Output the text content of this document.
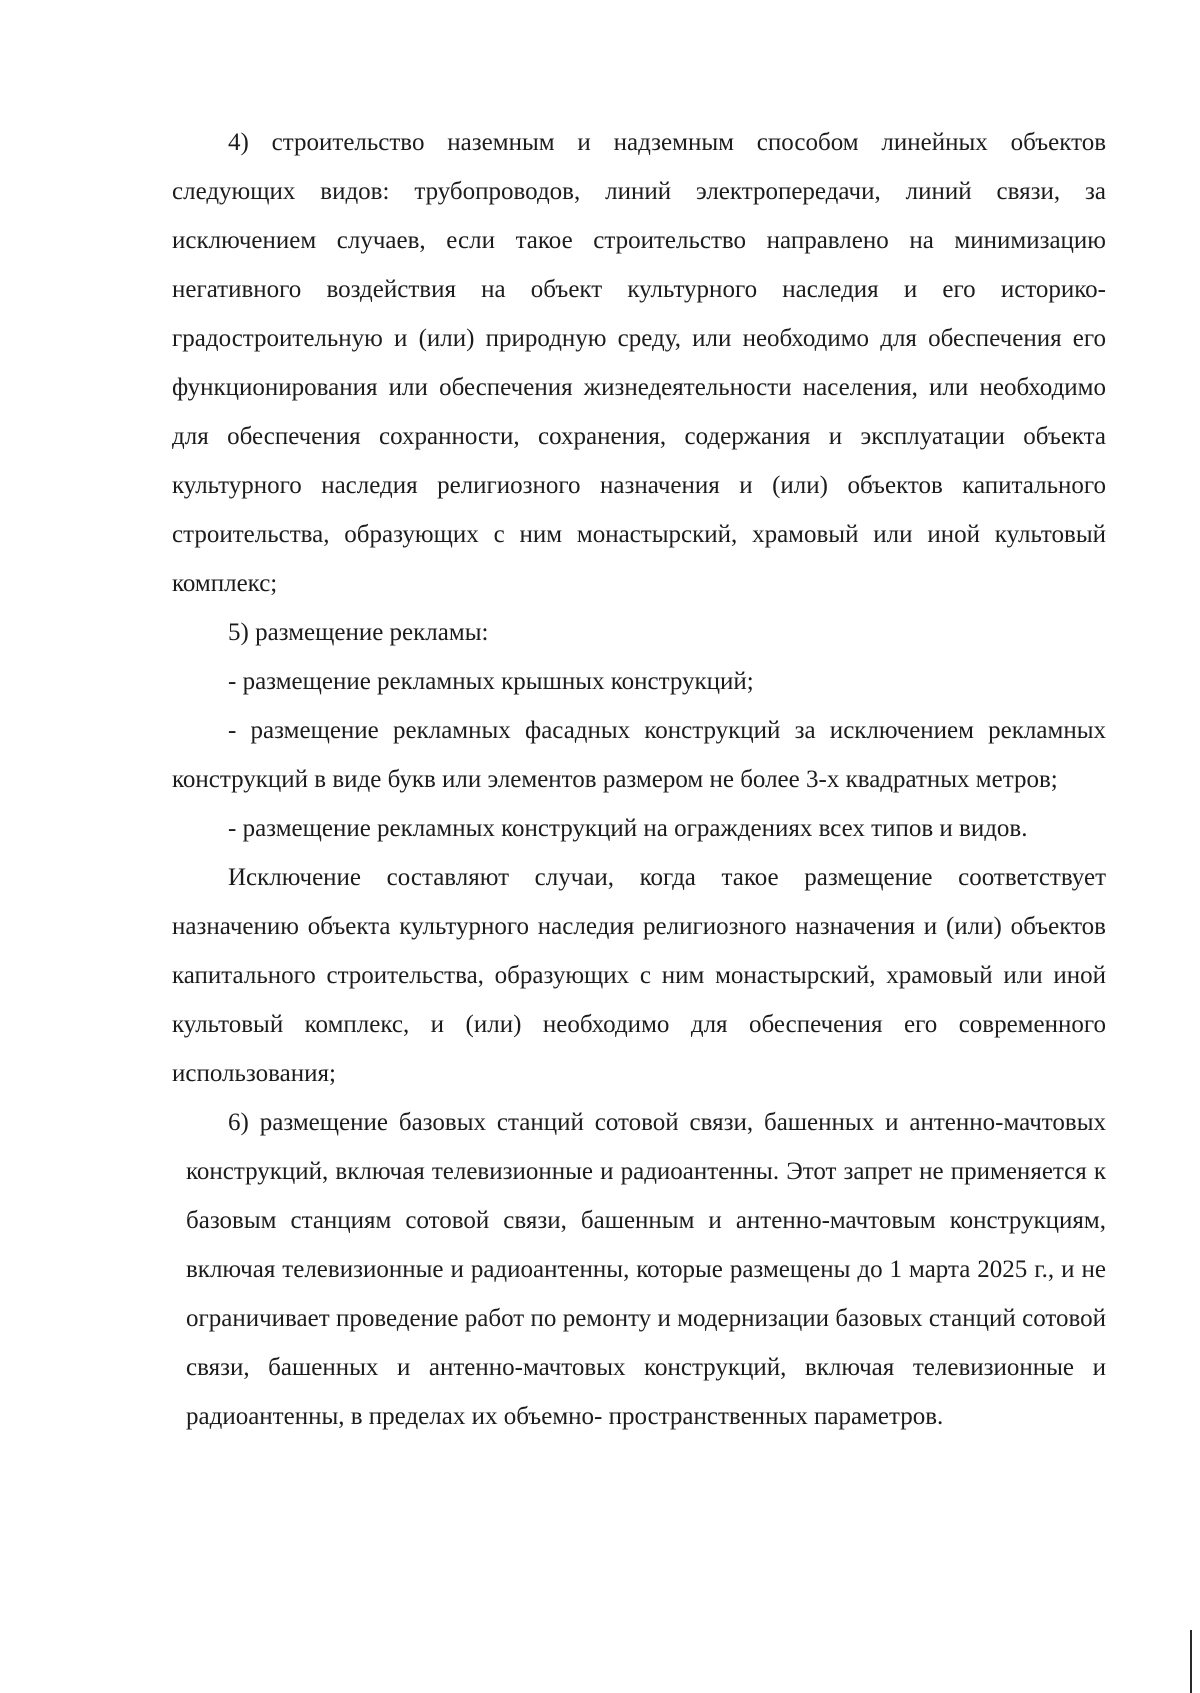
4) строительство наземным и надземным способом линейных объектов следующих видов: трубопроводов, линий электропередачи, линий связи, за исключением случаев, если такое строительство направлено на минимизацию негативного воздействия на объект культурного наследия и его историко-градостроительную и (или) природную среду, или необходимо для обеспечения его функционирования или обеспечения жизнедеятельности населения, или необходимо для обеспечения сохранности, сохранения, содержания и эксплуатации объекта культурного наследия религиозного назначения и (или) объектов капитального строительства, образующих с ним монастырский, храмовый или иной культовый комплекс;

5) размещение рекламы:

- размещение рекламных крышных конструкций;

- размещение рекламных фасадных конструкций за исключением рекламных конструкций в виде букв или элементов размером не более 3-х квадратных метров;

- размещение рекламных конструкций на ограждениях всех типов и видов.

Исключение составляют случаи, когда такое размещение соответствует назначению объекта культурного наследия религиозного назначения и (или) объектов капитального строительства, образующих с ним монастырский, храмовый или иной культовый комплекс, и (или) необходимо для обеспечения его современного использования;

6) размещение базовых станций сотовой связи, башенных и антенно-мачтовых конструкций, включая телевизионные и радиоантенны. Этот запрет не применяется к базовым станциям сотовой связи, башенным и антенно-мачтовым конструкциям, включая телевизионные и радиоантенны, которые размещены до 1 марта 2025 г., и не ограничивает проведение работ по ремонту и модернизации базовых станций сотовой связи, башенных и антенно-мачтовых конструкций, включая телевизионные и радиоантенны, в пределах их объемно- пространственных параметров.
